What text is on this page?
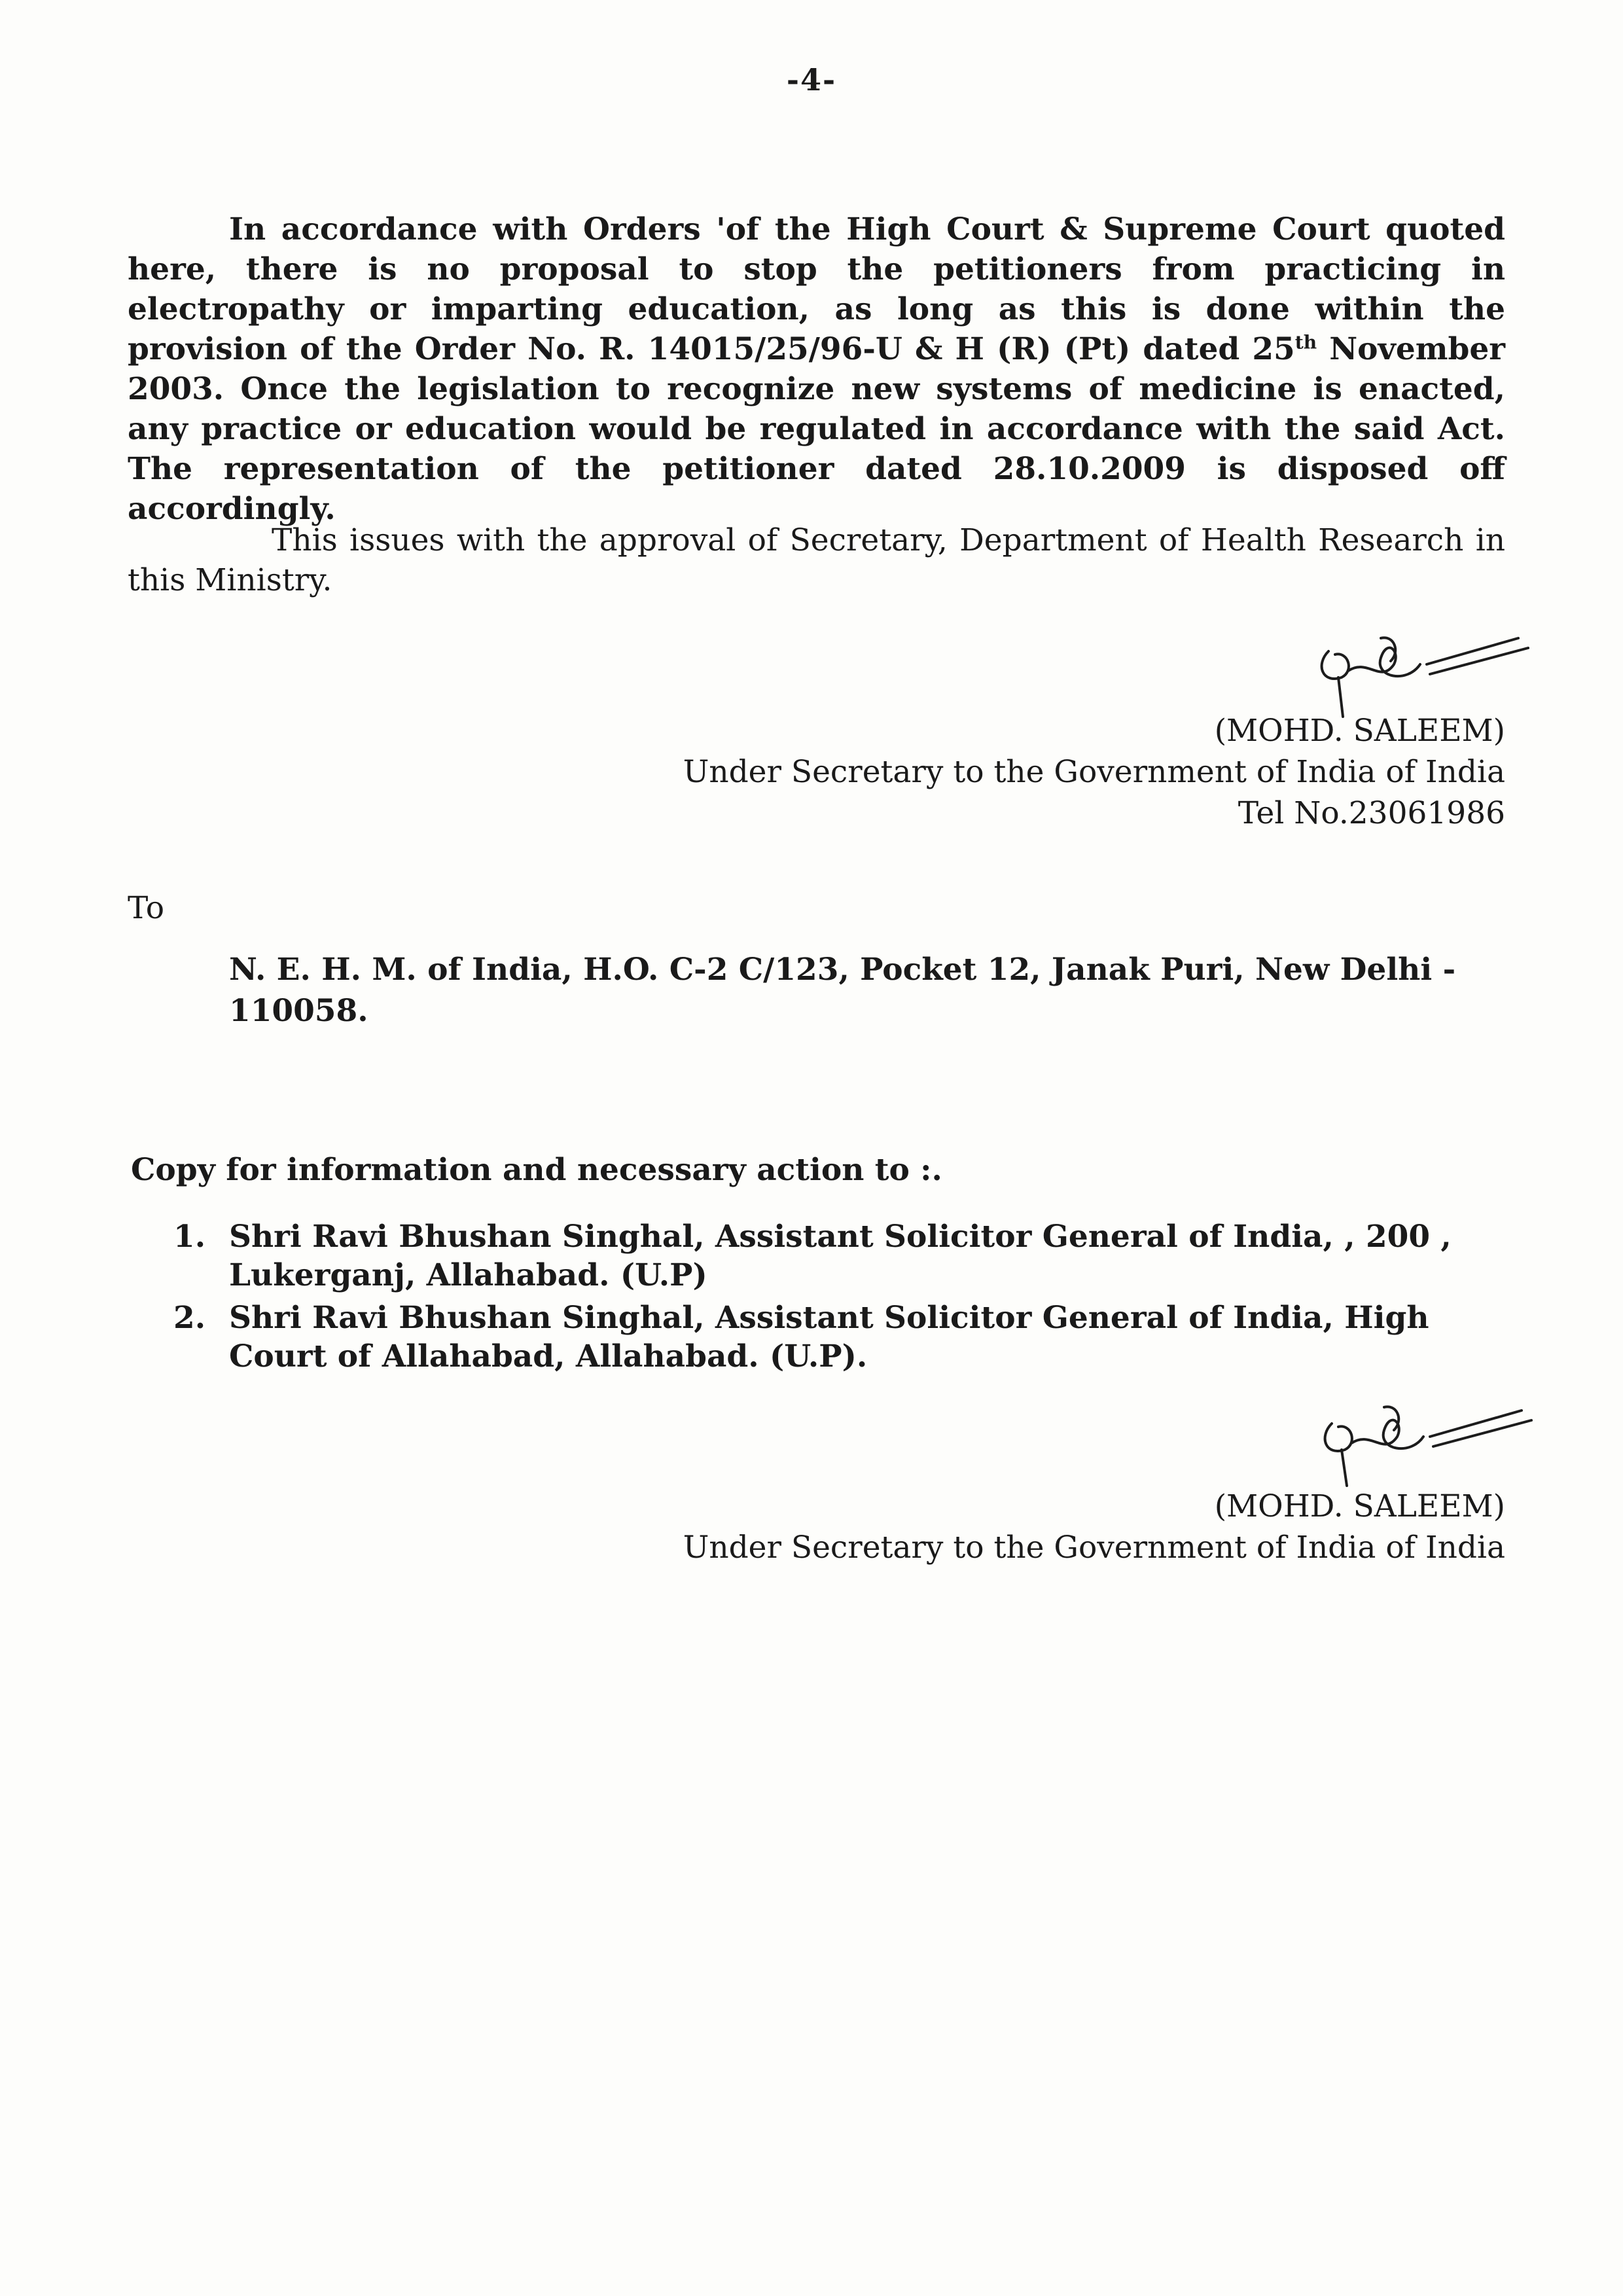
-4-

In accordance with Orders 'of the High Court & Supreme Court quoted here, there is no proposal to stop the petitioners from practicing in electropathy or imparting education, as long as this is done within the provision of the Order No. R. 14015/25/96-U & H (R) (Pt) dated 25th November 2003. Once the legislation to recognize new systems of medicine is enacted, any practice or education would be regulated in accordance with the said Act. The representation of the petitioner dated 28.10.2009 is disposed off accordingly.

This issues with the approval of Secretary, Department of Health Research in this Ministry.

(MOHD. SALEEM)
Under Secretary to the Government of India of India
Tel No.23061986
To
N. E. H. M. of India, H.O. C-2 C/123, Pocket 12, Janak Puri, New Delhi - 110058.
Copy for information and necessary action to :.
1. Shri Ravi Bhushan Singhal, Assistant Solicitor General of India, , 200 , Lukerganj, Allahabad. (U.P)
2. Shri Ravi Bhushan Singhal, Assistant Solicitor General of India, High Court of Allahabad, Allahabad. (U.P).
(MOHD. SALEEM)
Under Secretary to the Government of India of India
